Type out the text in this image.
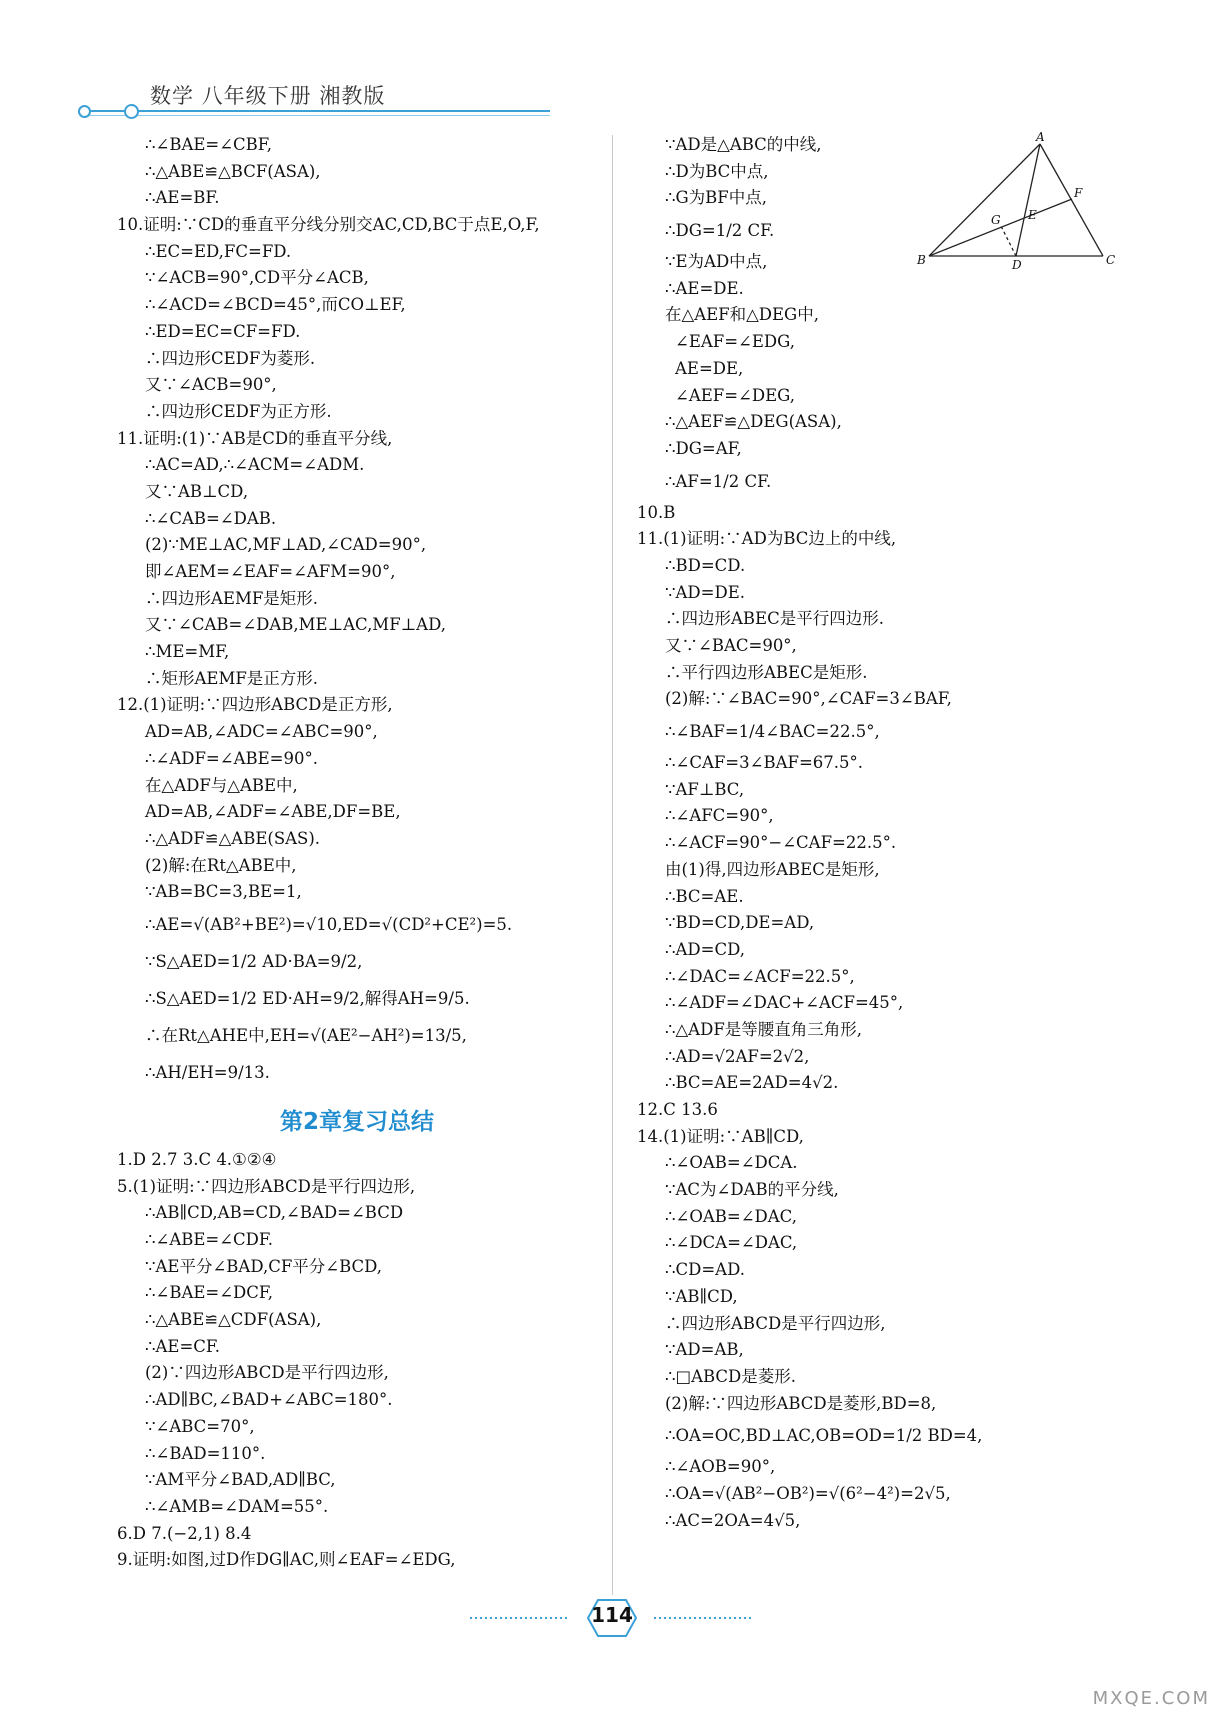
数学 八年级下册 湘教版
∴∠BAE=∠CBF,
∴△ABE≌△BCF(ASA),
∴AE=BF.
10.证明:∵CD的垂直平分线分别交AC,CD,BC于点E,O,F,
∴EC=ED,FC=FD.
∵∠ACB=90°,CD平分∠ACB,
∴∠ACD=∠BCD=45°,而CO⊥EF,
∴ED=EC=CF=FD.
∴四边形CEDF为菱形.
又∵∠ACB=90°,
∴四边形CEDF为正方形.
11.证明:(1)∵AB是CD的垂直平分线,
∴AC=AD,∴∠ACM=∠ADM.
又∵AB⊥CD,
∴∠CAB=∠DAB.
(2)∵ME⊥AC,MF⊥AD,∠CAD=90°,
即∠AEM=∠EAF=∠AFM=90°,
∴四边形AEMF是矩形.
又∵∠CAB=∠DAB,ME⊥AC,MF⊥AD,
∴ME=MF,
∴矩形AEMF是正方形.
12.(1)证明:∵四边形ABCD是正方形,
AD=AB,∠ADC=∠ABC=90°,
∴∠ADF=∠ABE=90°.
在△ADF与△ABE中,
AD=AB,∠ADF=∠ABE,DF=BE,
∴△ADF≌△ABE(SAS).
(2)解:在Rt△ABE中,
∵AB=BC=3,BE=1,
∴AE=√(AB²+BE²)=√10,ED=√(CD²+CE²)=5.
∵S△AED=1/2 AD·BA=9/2,
∴S△AED=1/2 ED·AH=9/2,解得AH=9/5.
∴在Rt△AHE中,EH=√(AE²−AH²)=13/5,
∴AH/EH=9/13.
第2章复习总结
1.D 2.7 3.C 4.①②④
5.(1)证明:∵四边形ABCD是平行四边形,
∴AB∥CD,AB=CD,∠BAD=∠BCD
∴∠ABE=∠CDF.
∵AE平分∠BAD,CF平分∠BCD,
∴∠BAE=∠DCF,
∴△ABE≌△CDF(ASA),
∴AE=CF.
(2)∵四边形ABCD是平行四边形,
∴AD∥BC,∠BAD+∠ABC=180°.
∵∠ABC=70°,
∴∠BAD=110°.
∵AM平分∠BAD,AD∥BC,
∴∠AMB=∠DAM=55°.
6.D 7.(−2,1) 8.4
9.证明:如图,过D作DG∥AC,则∠EAF=∠EDG,
∵AD是△ABC的中线,
∴D为BC中点,
∴G为BF中点,
∴DG=1/2 CF.
∵E为AD中点,
∴AE=DE.
在△AEF和△DEG中,
∠EAF=∠EDG,
AE=DE,
∠AEF=∠DEG,
∴△AEF≌△DEG(ASA),
∴DG=AF,
∴AF=1/2 CF.
10.B
11.(1)证明:∵AD为BC边上的中线,
∴BD=CD.
∵AD=DE.
∴四边形ABEC是平行四边形.
又∵∠BAC=90°,
∴平行四边形ABEC是矩形.
(2)解:∵∠BAC=90°,∠CAF=3∠BAF,
∴∠BAF=1/4∠BAC=22.5°,
∴∠CAF=3∠BAF=67.5°.
∵AF⊥BC,
∴∠AFC=90°,
∴∠ACF=90°−∠CAF=22.5°.
由(1)得,四边形ABEC是矩形,
∴BC=AE.
∵BD=CD,DE=AD,
∴AD=CD,
∴∠DAC=∠ACF=22.5°,
∴∠ADF=∠DAC+∠ACF=45°,
∴△ADF是等腰直角三角形,
∴AD=√2AF=2√2,
∴BC=AE=2AD=4√2.
12.C 13.6
14.(1)证明:∵AB∥CD,
∴∠OAB=∠DCA.
∵AC为∠DAB的平分线,
∴∠OAB=∠DAC,
∴∠DCA=∠DAC,
∴CD=AD.
∵AB∥CD,
∴四边形ABCD是平行四边形,
∵AD=AB,
∴□ABCD是菱形.
(2)解:∵四边形ABCD是菱形,BD=8,
∴OA=OC,BD⊥AC,OB=OD=1/2 BD=4,
∴∠AOB=90°,
∴OA=√(AB²−OB²)=√(6²−4²)=2√5,
∴AC=2OA=4√5,
A
F
G E
B	D	C
114
MXQE.COM
